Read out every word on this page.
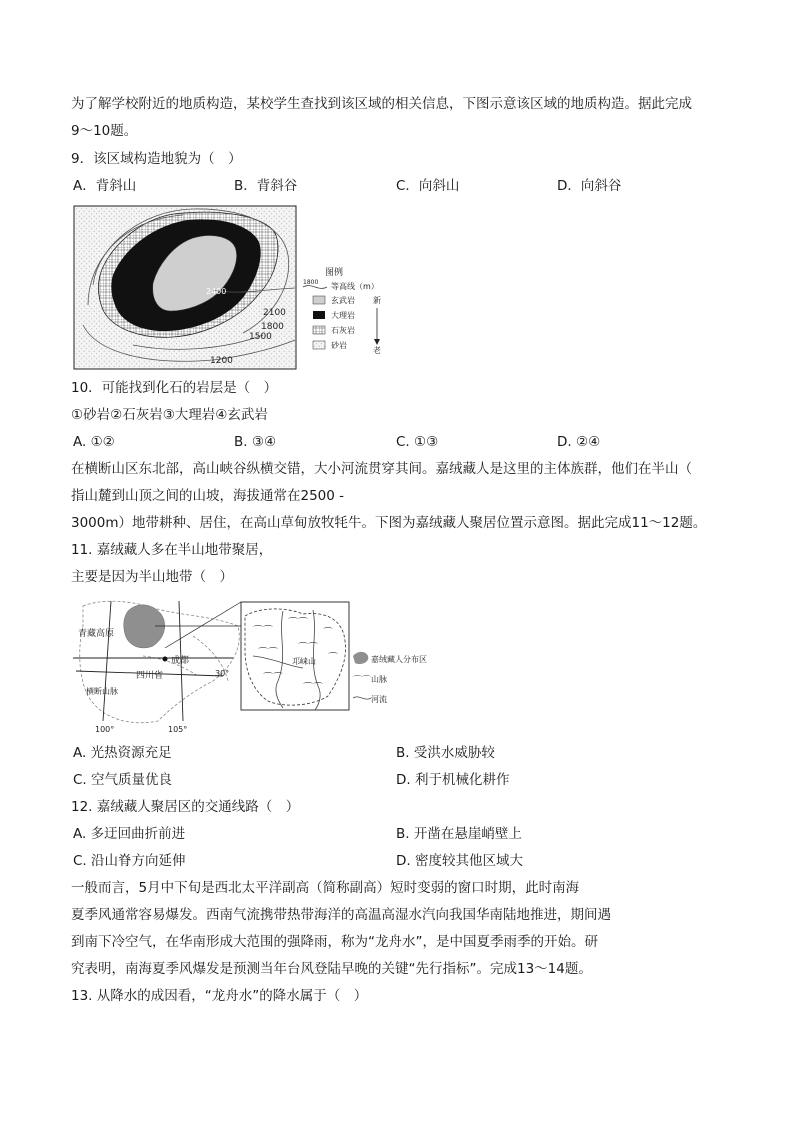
为了解学校附近的地质构造，某校学生查找到该区域的相关信息，下图示意该区域的地质构造。据此完成
9～10题。
9．该区域构造地貌为（　）
A．背斜山	B．背斜谷	C．向斜山	D．向斜谷
2400
2100
1800
1500
1200
图例
1800 等高线（m）
玄武岩
大理岩
石灰岩
砂岩
新
老
10．可能找到化石的岩层是（　）
①砂岩②石灰岩③大理岩④玄武岩
A. ①②	B. ③④	C. ①③	D. ②④
在横断山区东北部，高山峡谷纵横交错，大小河流贯穿其间。嘉绒藏人是这里的主体族群，他们在半山（
指山麓到山顶之间的山坡，海拔通常在2500 -
3000m）地带耕种、居住，在高山草甸放牧牦牛。下图为嘉绒藏人聚居位置示意图。据此完成11～12题。
11. 嘉绒藏人多在半山地带聚居，
主要是因为半山地带（　）
成都
青藏高原
四川省
横断山脉
30°
100°	105°
⌒⌒
⌒⌒
⌒
⌒⌒ ⌒⌒
⌒
⌒⌒
⌒⌒
邛崃山	嘉绒藏人分布区
⌒⌒ 山脉
河流
A. 光热资源充足	B. 受洪水威胁较
C. 空气质量优良	D. 利于机械化耕作
12. 嘉绒藏人聚居区的交通线路（　）
A. 多迂回曲折前进	B. 开凿在悬崖峭壁上
C. 沿山脊方向延伸	D. 密度较其他区域大
一般而言，5月中下旬是西北太平洋副高（简称副高）短时变弱的窗口时期，此时南海
夏季风通常容易爆发。西南气流携带热带海洋的高温高湿水汽向我国华南陆地推进，期间遇
到南下冷空气，在华南形成大范围的强降雨，称为“龙舟水”，是中国夏季雨季的开始。研
究表明，南海夏季风爆发是预测当年台风登陆早晚的关键“先行指标”。完成13～14题。
13. 从降水的成因看，“龙舟水”的降水属于（　）
